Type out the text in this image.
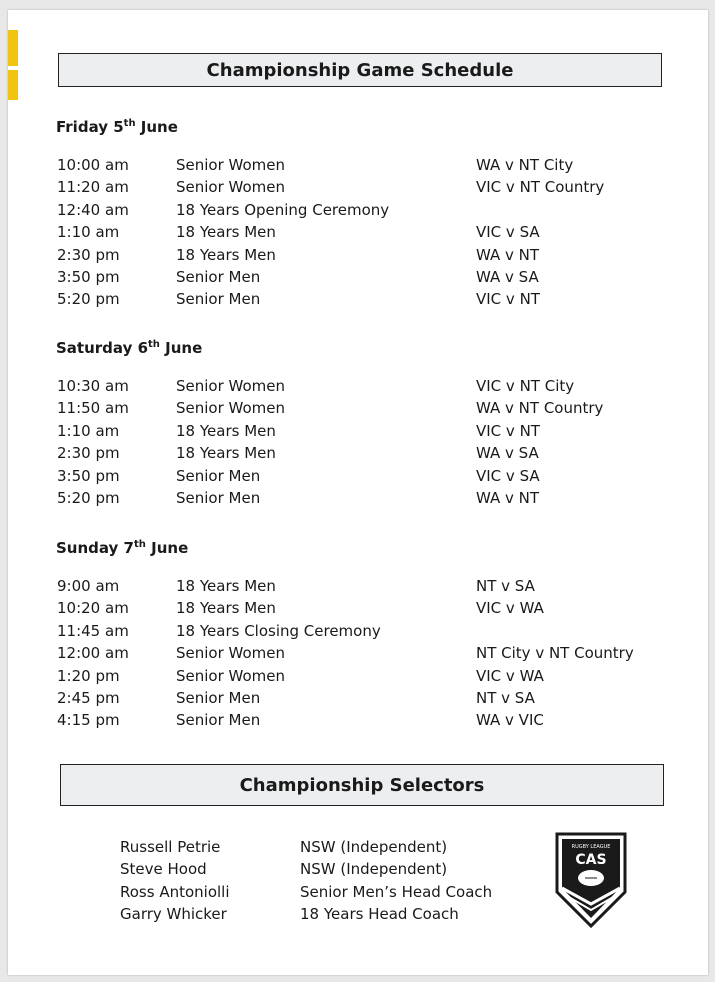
Championship Game Schedule
Friday 5th June
10:00 am	Senior Women	WA v NT City
11:20 am	Senior Women	VIC v NT Country
12:40 am	18 Years Opening Ceremony
1:10 am	18 Years Men	VIC v SA
2:30 pm	18 Years Men	WA v NT
3:50 pm	Senior Men	WA v SA
5:20 pm	Senior Men	VIC v NT
Saturday 6th June
10:30 am	Senior Women	VIC v NT City
11:50 am	Senior Women	WA v NT Country
1:10 am	18 Years Men	VIC v NT
2:30 pm	18 Years Men	WA v SA
3:50 pm	Senior Men	VIC v SA
5:20 pm	Senior Men	WA v NT
Sunday 7th June
9:00 am	18 Years Men	NT v SA
10:20 am	18 Years Men	VIC v WA
11:45 am	18 Years Closing Ceremony
12:00 am	Senior Women	NT City v NT Country
1:20 pm	Senior Women	VIC v WA
2:45 pm	Senior Men	NT v SA
4:15 pm	Senior Men	WA v VIC
Championship Selectors
Russell Petrie	NSW (Independent)
Steve Hood	NSW (Independent)
Ross Antoniolli	Senior Men’s Head Coach
Garry Whicker	18 Years Head Coach
RUGBY LEAGUE
CAS
